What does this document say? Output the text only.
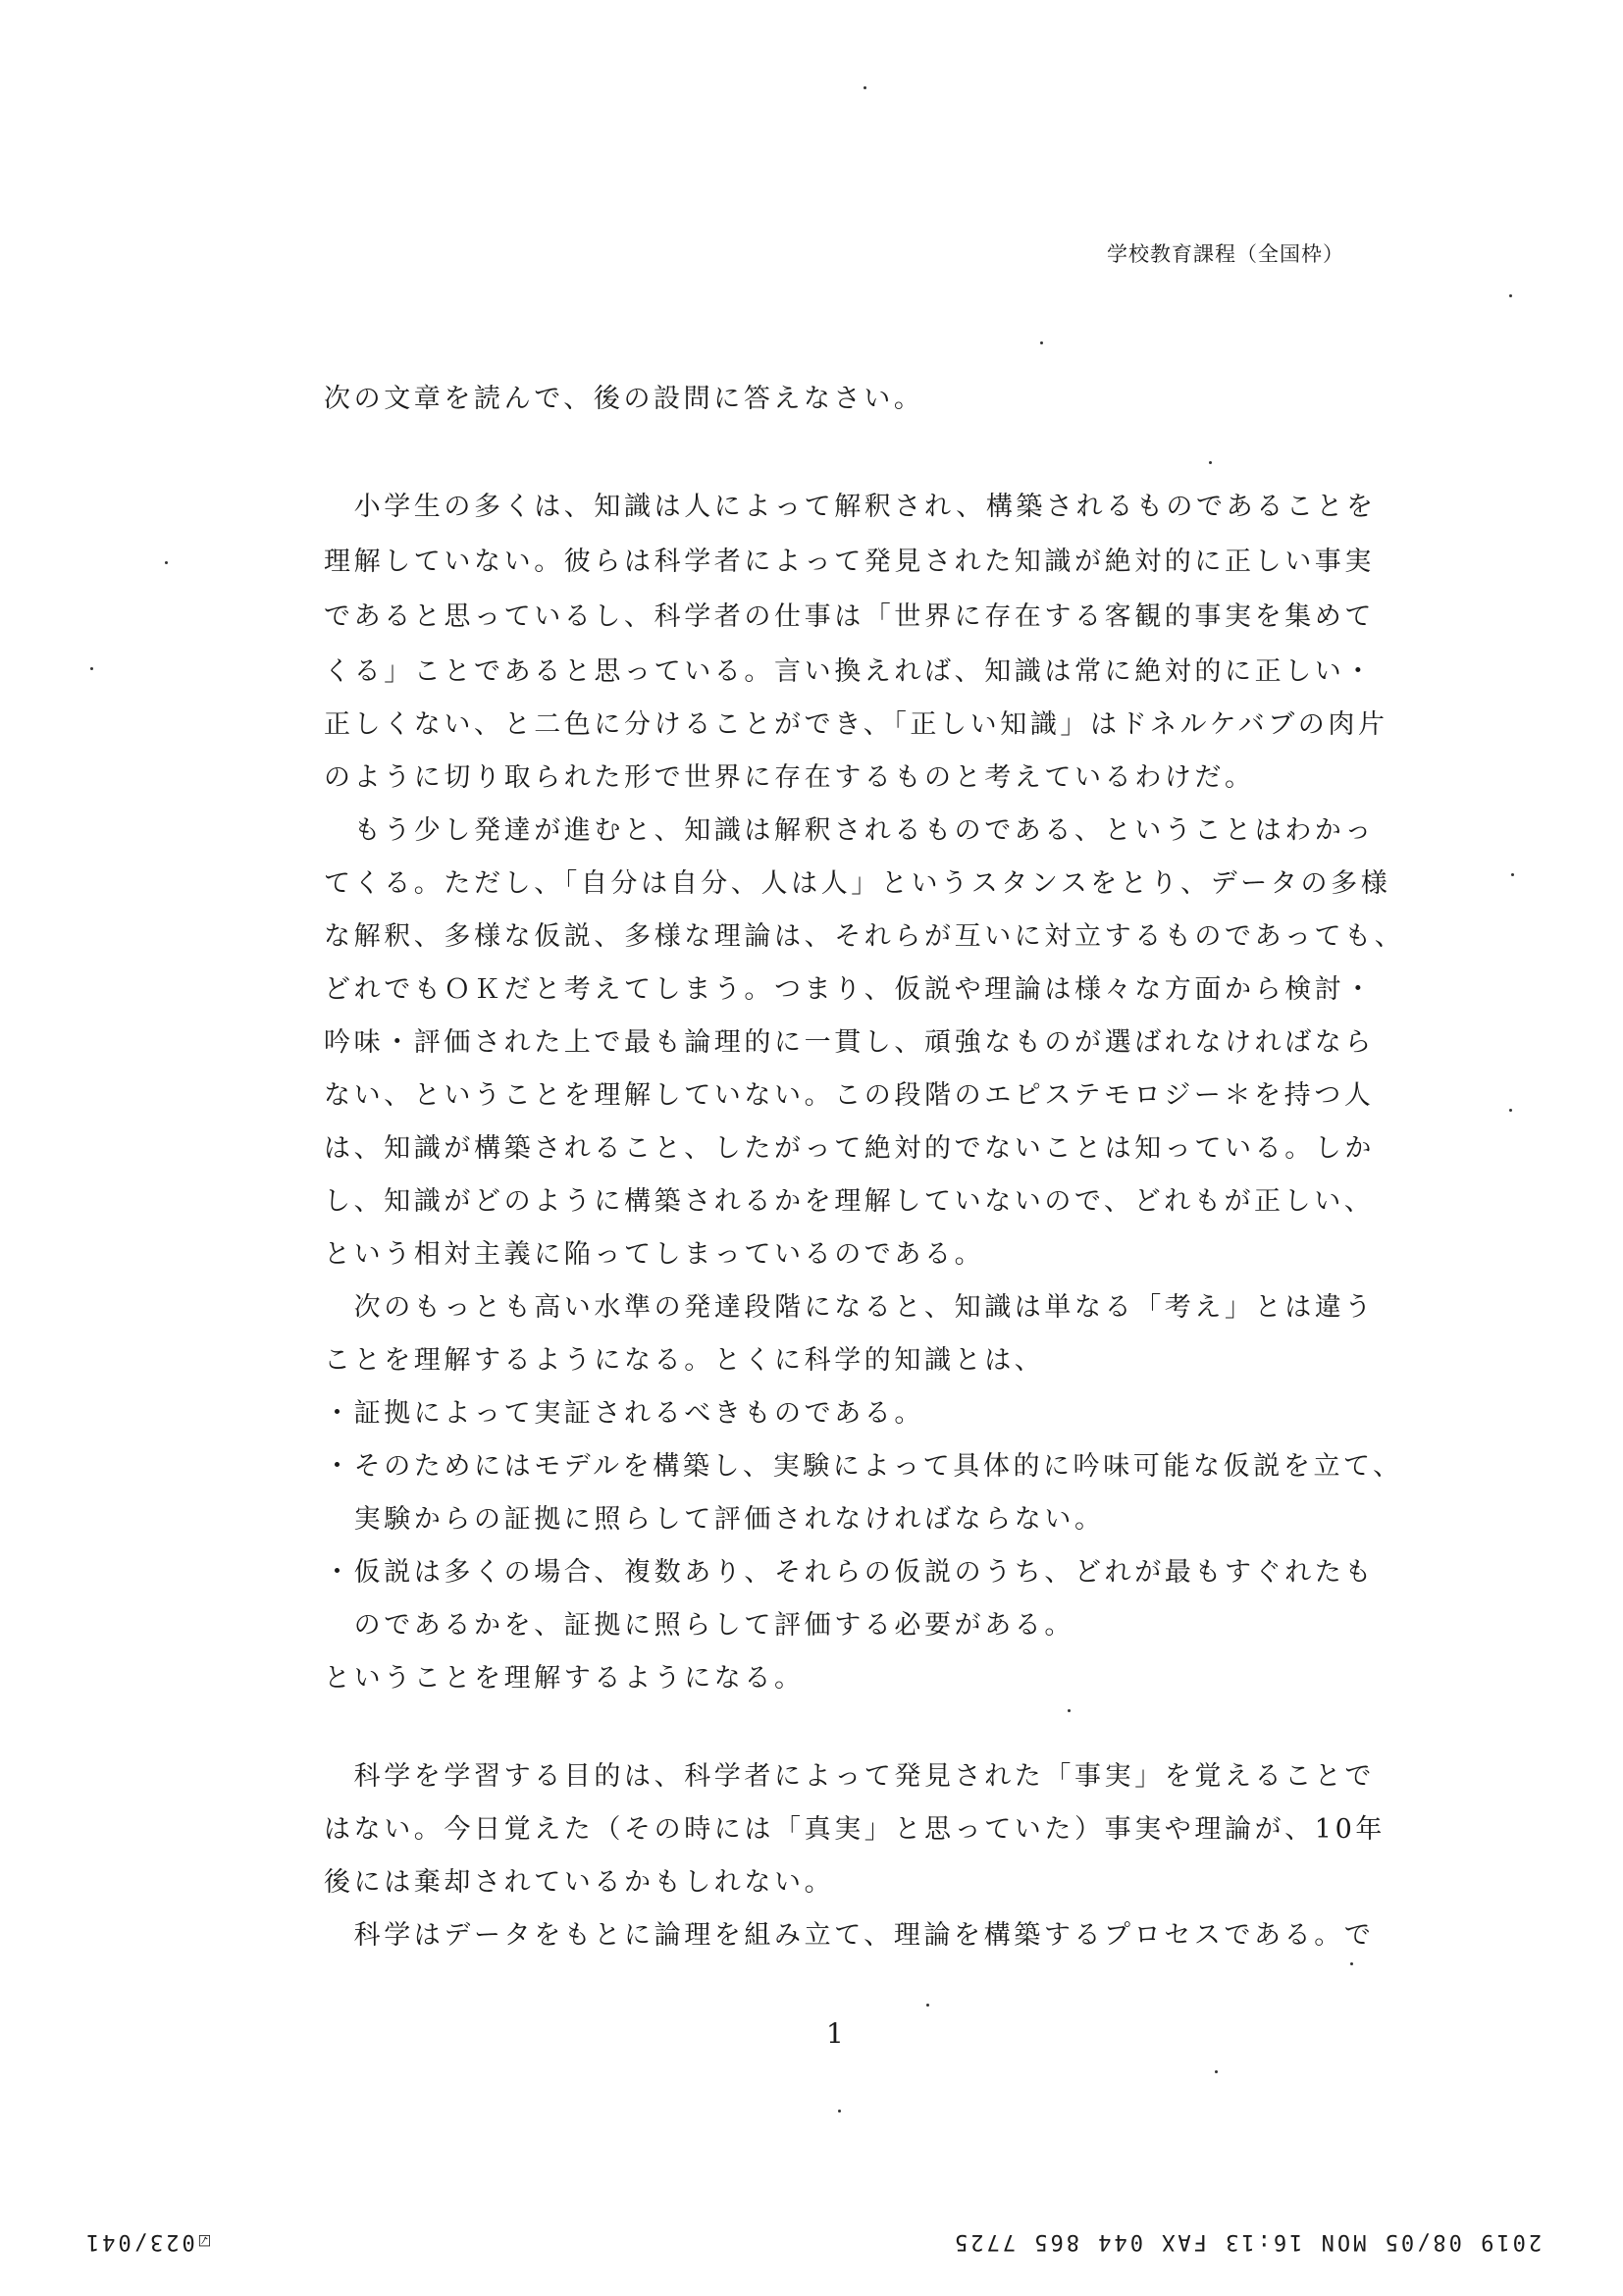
学校教育課程（全国枠）
次の文章を読んで、後の設問に答えなさい。
　小学生の多くは、知識は人によって解釈され、構築されるものであることを
理解していない。彼らは科学者によって発見された知識が絶対的に正しい事実
であると思っているし、科学者の仕事は「世界に存在する客観的事実を集めて
くる」ことであると思っている。言い換えれば、知識は常に絶対的に正しい・
正しくない、と二色に分けることができ、「正しい知識」はドネルケバブの肉片
のように切り取られた形で世界に存在するものと考えているわけだ。
　もう少し発達が進むと、知識は解釈されるものである、ということはわかっ
てくる。ただし、「自分は自分、人は人」というスタンスをとり、データの多様
な解釈、多様な仮説、多様な理論は、それらが互いに対立するものであっても、
どれでもＯＫだと考えてしまう。つまり、仮説や理論は様々な方面から検討・
吟味・評価された上で最も論理的に一貫し、頑強なものが選ばれなければなら
ない、ということを理解していない。この段階のエピステモロジー＊を持つ人
は、知識が構築されること、したがって絶対的でないことは知っている。しか
し、知識がどのように構築されるかを理解していないので、どれもが正しい、
という相対主義に陥ってしまっているのである。
　次のもっとも高い水準の発達段階になると、知識は単なる「考え」とは違う
ことを理解するようになる。とくに科学的知識とは、
・証拠によって実証されるべきものである。
・そのためにはモデルを構築し、実験によって具体的に吟味可能な仮説を立て、
　実験からの証拠に照らして評価されなければならない。
・仮説は多くの場合、複数あり、それらの仮説のうち、どれが最もすぐれたも
　のであるかを、証拠に照らして評価する必要がある。
ということを理解するようになる。
　科学を学習する目的は、科学者によって発見された「事実」を覚えることで
はない。今日覚えた（その時には「真実」と思っていた）事実や理論が、10年
後には棄却されているかもしれない。
　科学はデータをもとに論理を組み立て、理論を構築するプロセスである。で
1
☑023/041	2019 08/05 MON 16:13 FAX 044 865 7725
